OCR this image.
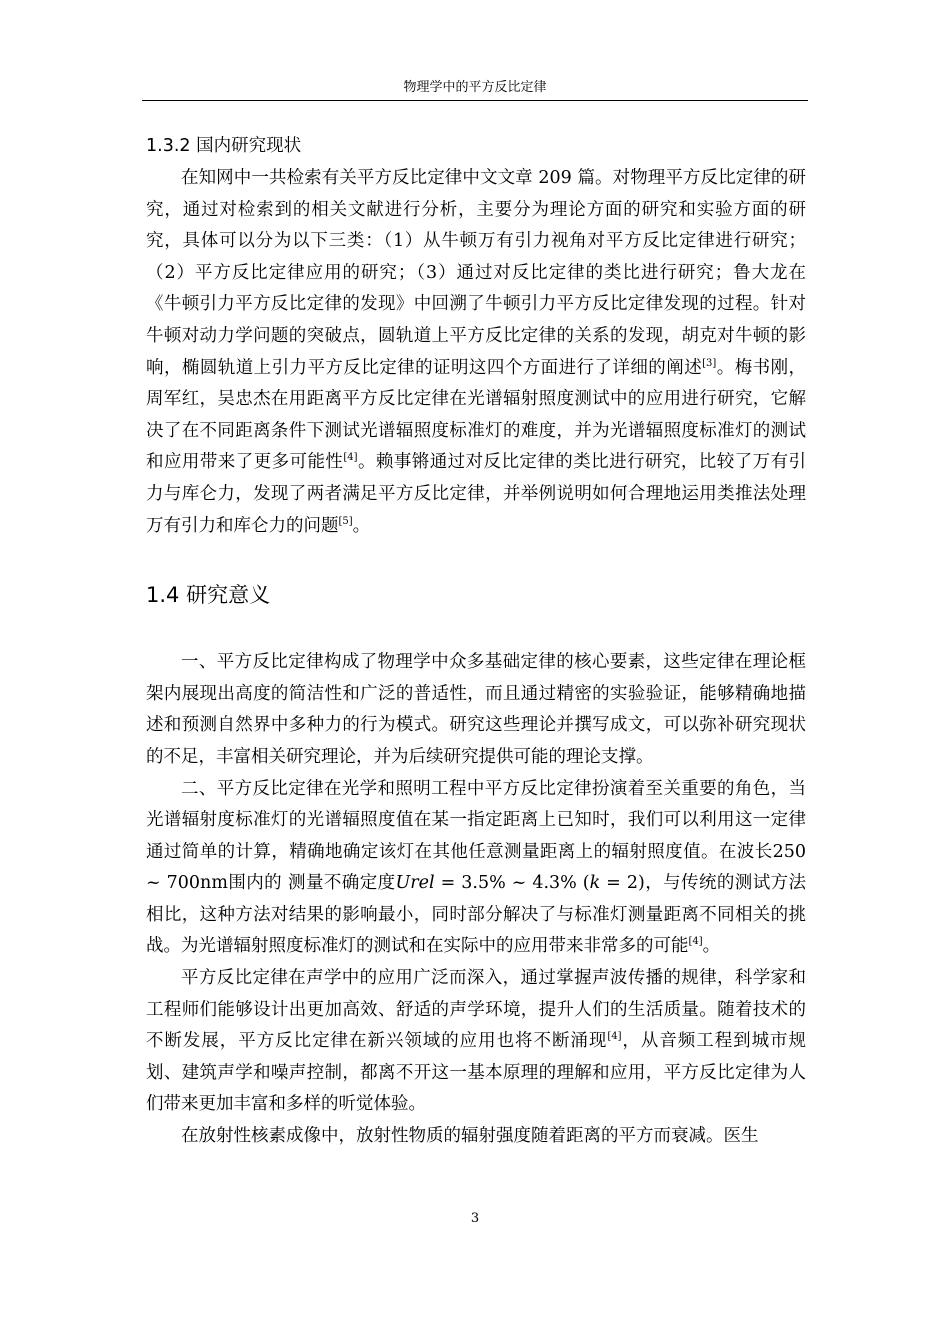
物理学中的平方反比定律
1.3.2 国内研究现状

在知网中一共检索有关平方反比定律中文文章 209 篇。对物理平方反比定律的研究，通过对检索到的相关文献进行分析，主要分为理论方面的研究和实验方面的研究，具体可以分为以下三类：（1）从牛顿万有引力视角对平方反比定律进行研究；（2）平方反比定律应用的研究；（3）通过对反比定律的类比进行研究；鲁大龙在《牛顿引力平方反比定律的发现》中回溯了牛顿引力平方反比定律发现的过程。针对牛顿对动力学问题的突破点，圆轨道上平方反比定律的关系的发现，胡克对牛顿的影响，椭圆轨道上引力平方反比定律的证明这四个方面进行了详细的阐述[3]。梅书刚，周军红，吴忠杰在用距离平方反比定律在光谱辐射照度测试中的应用进行研究，它解决了在不同距离条件下测试光谱辐照度标准灯的难度，并为光谱辐照度标准灯的测试和应用带来了更多可能性[4]。赖事锵通过对反比定律的类比进行研究，比较了万有引力与库仑力，发现了两者满足平方反比定律，并举例说明如何合理地运用类推法处理万有引力和库仑力的问题[5]。

1.4 研究意义

一、平方反比定律构成了物理学中众多基础定律的核心要素，这些定律在理论框架内展现出高度的简洁性和广泛的普适性，而且通过精密的实验验证，能够精确地描述和预测自然界中多种力的行为模式。研究这些理论并撰写成文，可以弥补研究现状的不足，丰富相关研究理论，并为后续研究提供可能的理论支撑。

二、平方反比定律在光学和照明工程中平方反比定律扮演着至关重要的角色，当光谱辐射度标准灯的光谱辐照度值在某一指定距离上已知时，我们可以利用这一定律通过简单的计算，精确地确定该灯在其他任意测量距离上的辐射照度值。在波长250 ~ 700nm围内的 测量不确定度Urel = 3.5% ~ 4.3% (k = 2)，与传统的测试方法相比，这种方法对结果的影响最小，同时部分解决了与标准灯测量距离不同相关的挑战。为光谱辐射照度标准灯的测试和在实际中的应用带来非常多的可能[4]。

平方反比定律在声学中的应用广泛而深入，通过掌握声波传播的规律，科学家和工程师们能够设计出更加高效、舒适的声学环境，提升人们的生活质量。随着技术的不断发展，平方反比定律在新兴领域的应用也将不断涌现[4]，从音频工程到城市规划、建筑声学和噪声控制，都离不开这一基本原理的理解和应用，平方反比定律为人们带来更加丰富和多样的听觉体验。

在放射性核素成像中，放射性物质的辐射强度随着距离的平方而衰减。医生

3
